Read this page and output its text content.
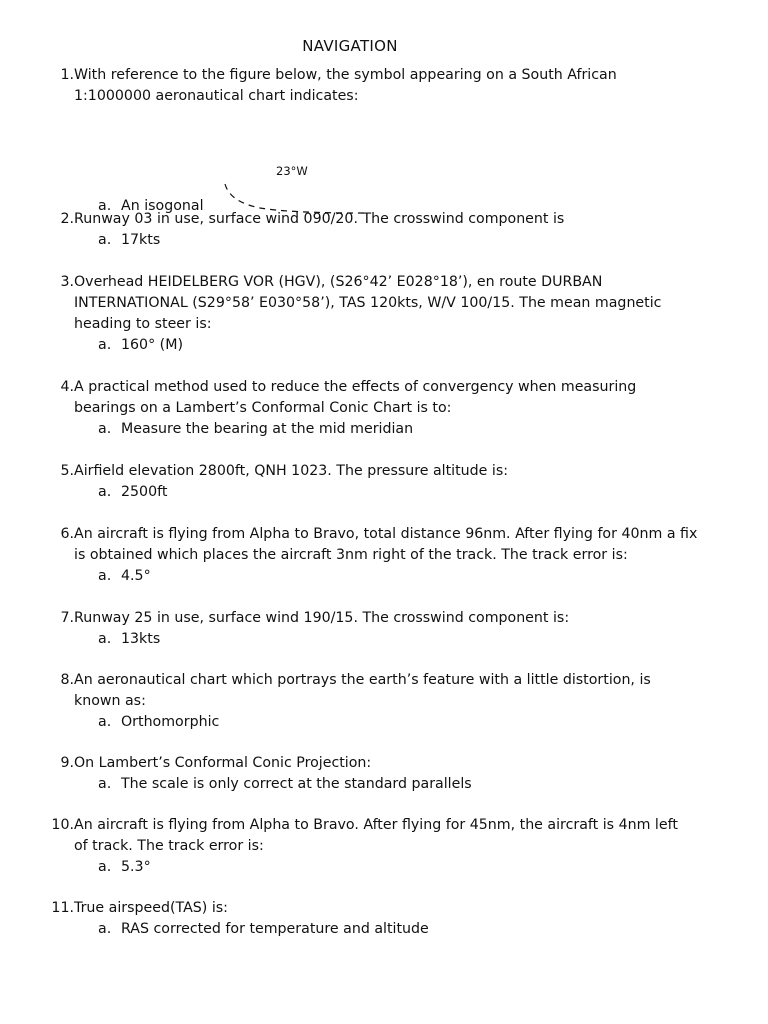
NAVIGATION
1. With reference to the figure below, the symbol appearing on a South African
1:1000000 aeronautical chart indicates:
23°W
a. An isogonal
2. Runway 03 in use, surface wind 090/20. The crosswind component is
a. 17kts
3. Overhead HEIDELBERG VOR (HGV), (S26°42’ E028°18’), en route DURBAN
INTERNATIONAL (S29°58’ E030°58’), TAS 120kts, W/V 100/15. The mean magnetic
heading to steer is:
a. 160° (M)
4. A practical method used to reduce the effects of convergency when measuring
bearings on a Lambert’s Conformal Conic Chart is to:
a. Measure the bearing at the mid meridian
5. Airfield elevation 2800ft, QNH 1023. The pressure altitude is:
a. 2500ft
6. An aircraft is flying from Alpha to Bravo, total distance 96nm. After flying for 40nm a fix
is obtained which places the aircraft 3nm right of the track. The track error is:
a. 4.5°
7. Runway 25 in use, surface wind 190/15. The crosswind component is:
a. 13kts
8. An aeronautical chart which portrays the earth’s feature with a little distortion, is
known as:
a. Orthomorphic
9. On Lambert’s Conformal Conic Projection:
a. The scale is only correct at the standard parallels
10. An aircraft is flying from Alpha to Bravo. After flying for 45nm, the aircraft is 4nm left
of track. The track error is:
a. 5.3°
11. True airspeed(TAS) is:
a. RAS corrected for temperature and altitude
